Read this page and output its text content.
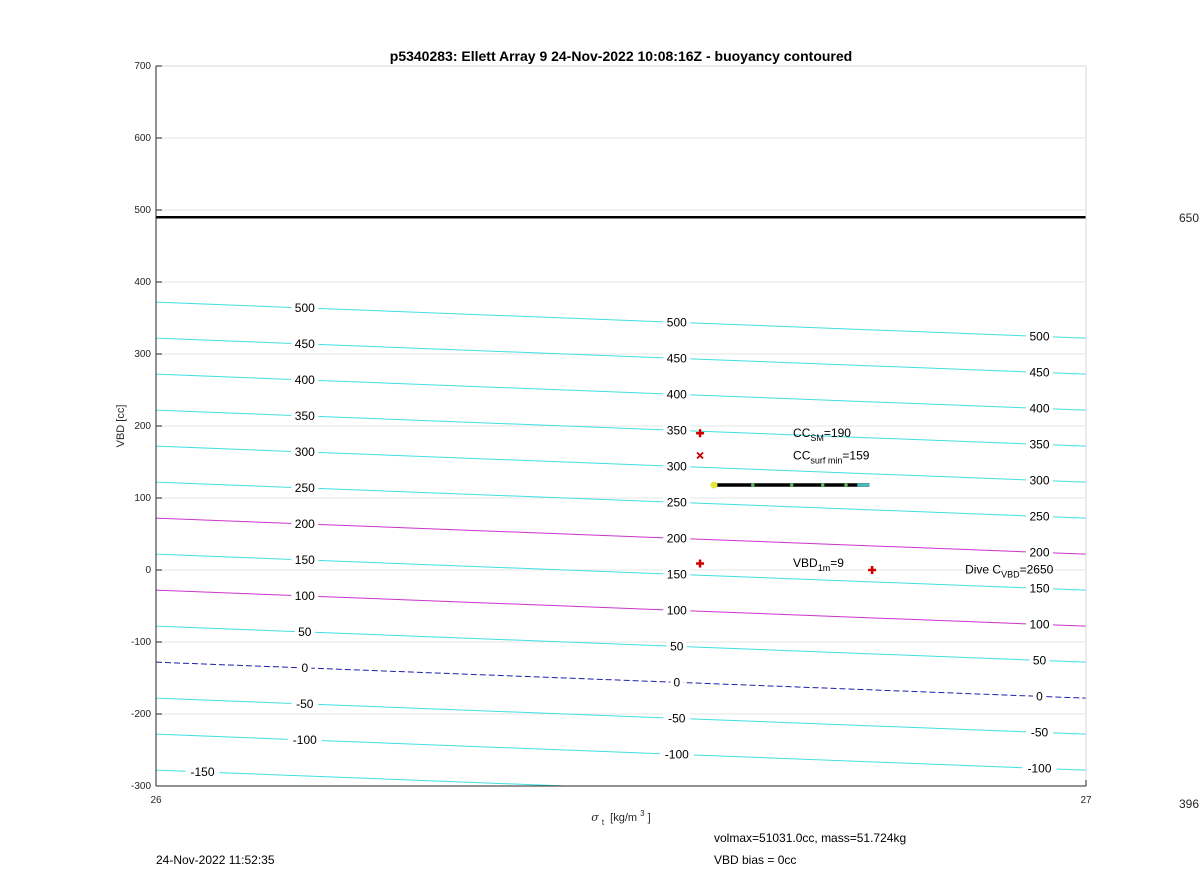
500
500
500
450
450
450
400
400
400
350
350
350
300
300
300
250
250
250
200
200
200
150
150
150
100
100
100
50
50
50
0
0
0
-50
-50
-50
-100
-100
-100
-150
$CC_{SM}=190$
$CC_{surf min}=159$
$VBD_{1m}=9$	Dive $C_{VBD}=2650$
700
600
500
400
300
200
100
0
-100
-200
-300
26	27
p5340283: Ellett Array 9 24-Nov-2022 10:08:16Z - buoyancy contoured
VBD [cc]
σ $_t$ [kg/m $^3$ ]
650
396
volmax=51031.0cc, mass=51.724kg
VBD bias = 0cc
24-Nov-2022 11:52:35
